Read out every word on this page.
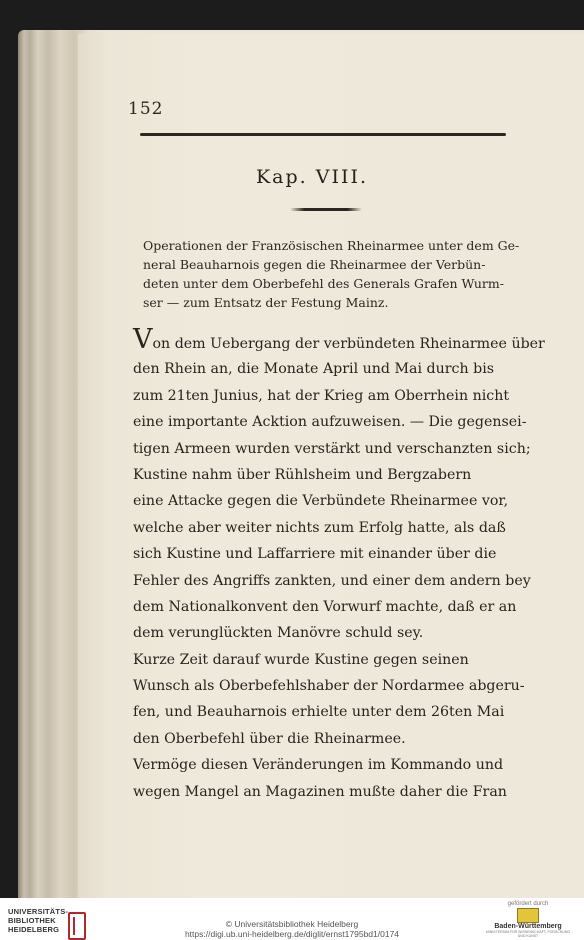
152
Kap. VIII.
Operationen der Französischen Rheinarmee unter dem Ge-
neral Beauharnois gegen die Rheinarmee der Verbün-
deten unter dem Oberbefehl des Generals Grafen Wurm-
ser — zum Entsatz der Festung Mainz.
Von dem Uebergang der verbündeten Rheinarmee über
den Rhein an, die Monate April und Mai durch bis
zum 21ten Junius, hat der Krieg am Oberrhein nicht
eine importante Acktion aufzuweisen. — Die gegensei-
tigen Armeen wurden verstärkt und verschanzten sich;
Kustine nahm über Rühlsheim und Bergzabern
eine Attacke gegen die Verbündete Rheinarmee vor,
welche aber weiter nichts zum Erfolg hatte, als daß
sich Kustine und Laffarriere mit einander über die
Fehler des Angriffs zankten, und einer dem andern bey
dem Nationalkonvent den Vorwurf machte, daß er an
dem verunglückten Manövre schuld sey.
Kurze Zeit darauf wurde Kustine gegen seinen
Wunsch als Oberbefehlshaber der Nordarmee abgeru-
fen, und Beauharnois erhielte unter dem 26ten Mai
den Oberbefehl über die Rheinarmee.
Vermöge diesen Veränderungen im Kommando und
wegen Mangel an Magazinen mußte daher die Fran
UNIVERSITÄTS-
BIBLIOTHEK
HEIDELBERG
© Universitätsbibliothek Heidelberg
https://digi.ub.uni-heidelberg.de/diglit/ernst1795bd1/0174
gefördert durch
Baden-Württemberg
MINISTERIUM FÜR WISSENSCHAFT, FORSCHUNG UND KUNST
